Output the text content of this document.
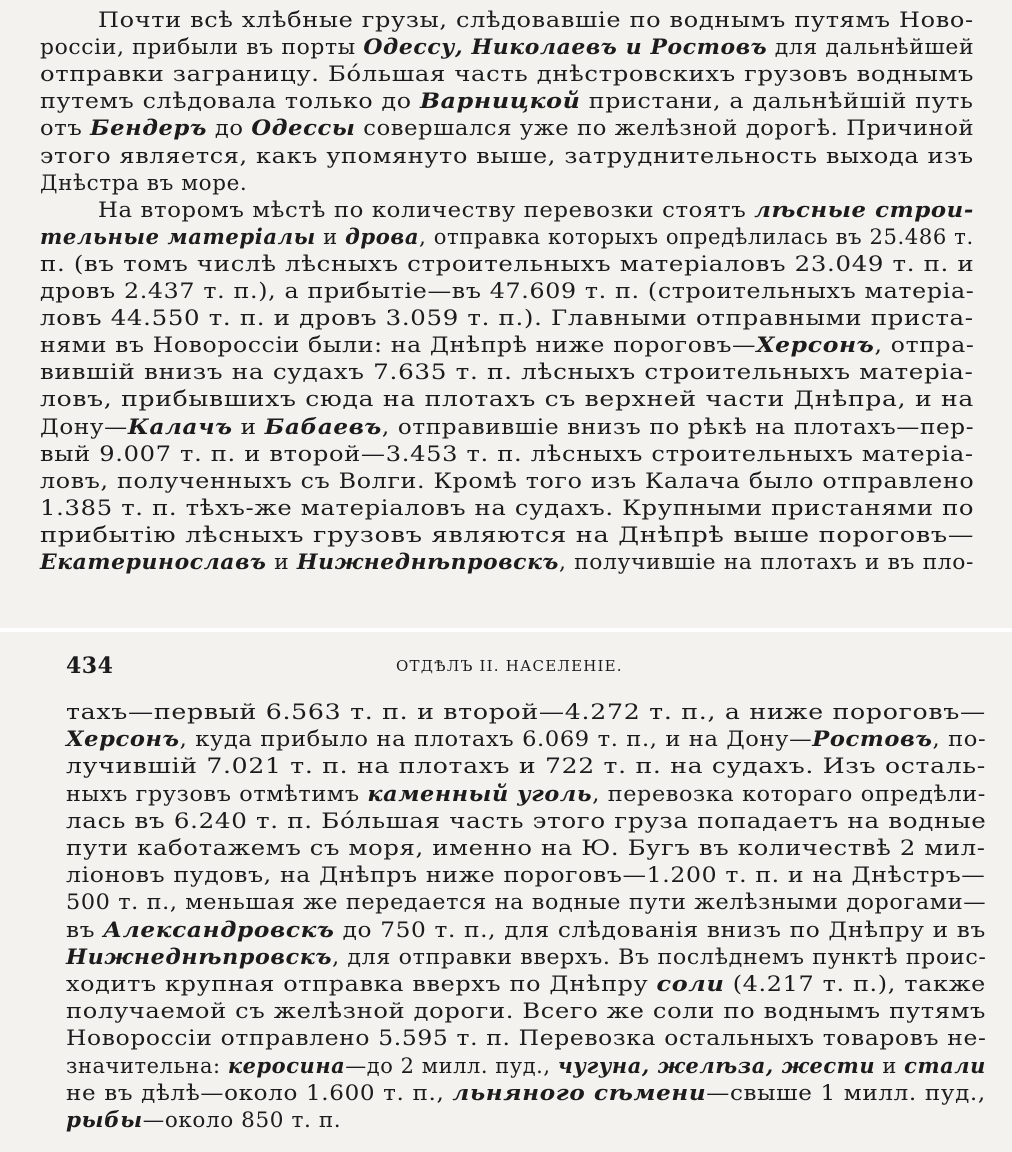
Почти всѣ хлѣбные грузы, слѣдовавшіе по воднымъ путямъ Ново-
россіи, прибыли въ порты Одессу, Николаевъ и Ростовъ для дальнѣйшей
отправки заграницу. Бо́льшая часть днѣстровскихъ грузовъ воднымъ
путемъ слѣдовала только до Варницкой пристани, а дальнѣйшій путь
отъ Бендеръ до Одессы совершался уже по желѣзной дорогѣ. Причиной
этого является, какъ упомянуто выше, затруднительность выхода изъ
Днѣстра въ море.
На второмъ мѣстѣ по количеству перевозки стоятъ лѣсные строи-
тельные матеріалы и дрова, отправка которыхъ опредѣлилась въ 25.486 т.
п. (въ томъ числѣ лѣсныхъ строительныхъ матеріаловъ 23.049 т. п. и
дровъ 2.437 т. п.), а прибытіе—въ 47.609 т. п. (строительныхъ матеріа-
ловъ 44.550 т. п. и дровъ 3.059 т. п.). Главными отправными приста-
нями въ Новороссіи были: на Днѣпрѣ ниже пороговъ—Херсонъ, отпра-
вившій внизъ на судахъ 7.635 т. п. лѣсныхъ строительныхъ матеріа-
ловъ, прибывшихъ сюда на плотахъ съ верхней части Днѣпра, и на
Дону—Калачъ и Бабаевъ, отправившіе внизъ по рѣкѣ на плотахъ—пер-
вый 9.007 т. п. и второй—3.453 т. п. лѣсныхъ строительныхъ матеріа-
ловъ, полученныхъ съ Волги. Кромѣ того изъ Калача было отправлено
1.385 т. п. тѣхъ-же матеріаловъ на судахъ. Крупными пристанями по
прибытію лѣсныхъ грузовъ являются на Днѣпрѣ выше пороговъ—
Екатеринославъ и Нижнеднѣпровскъ, получившіе на плотахъ и въ пло-
434	ОТДѢЛЪ II. НАСЕЛЕНІЕ.
тахъ—первый 6.563 т. п. и второй—4.272 т. п., а ниже пороговъ—
Херсонъ, куда прибыло на плотахъ 6.069 т. п., и на Дону—Ростовъ, по-
лучившій 7.021 т. п. на плотахъ и 722 т. п. на судахъ. Изъ осталь-
ныхъ грузовъ отмѣтимъ каменный уголь, перевозка котораго опредѣли-
лась въ 6.240 т. п. Бо́льшая часть этого груза попадаетъ на водные
пути каботажемъ съ моря, именно на Ю. Бугъ въ количествѣ 2 мил-
ліоновъ пудовъ, на Днѣпръ ниже пороговъ—1.200 т. п. и на Днѣстръ—
500 т. п., меньшая же передается на водные пути желѣзными дорогами—
въ Александровскъ до 750 т. п., для слѣдованія внизъ по Днѣпру и въ
Нижнеднѣпровскъ, для отправки вверхъ. Въ послѣднемъ пунктѣ проис-
ходитъ крупная отправка вверхъ по Днѣпру соли (4.217 т. п.), также
получаемой съ желѣзной дороги. Всего же соли по воднымъ путямъ
Новороссіи отправлено 5.595 т. п. Перевозка остальныхъ товаровъ не-
значительна: керосина—до 2 милл. пуд., чугуна, желѣза, жести и стали
не въ дѣлѣ—около 1.600 т. п., льняного сѣмени—свыше 1 милл. пуд.,
рыбы—около 850 т. п.
